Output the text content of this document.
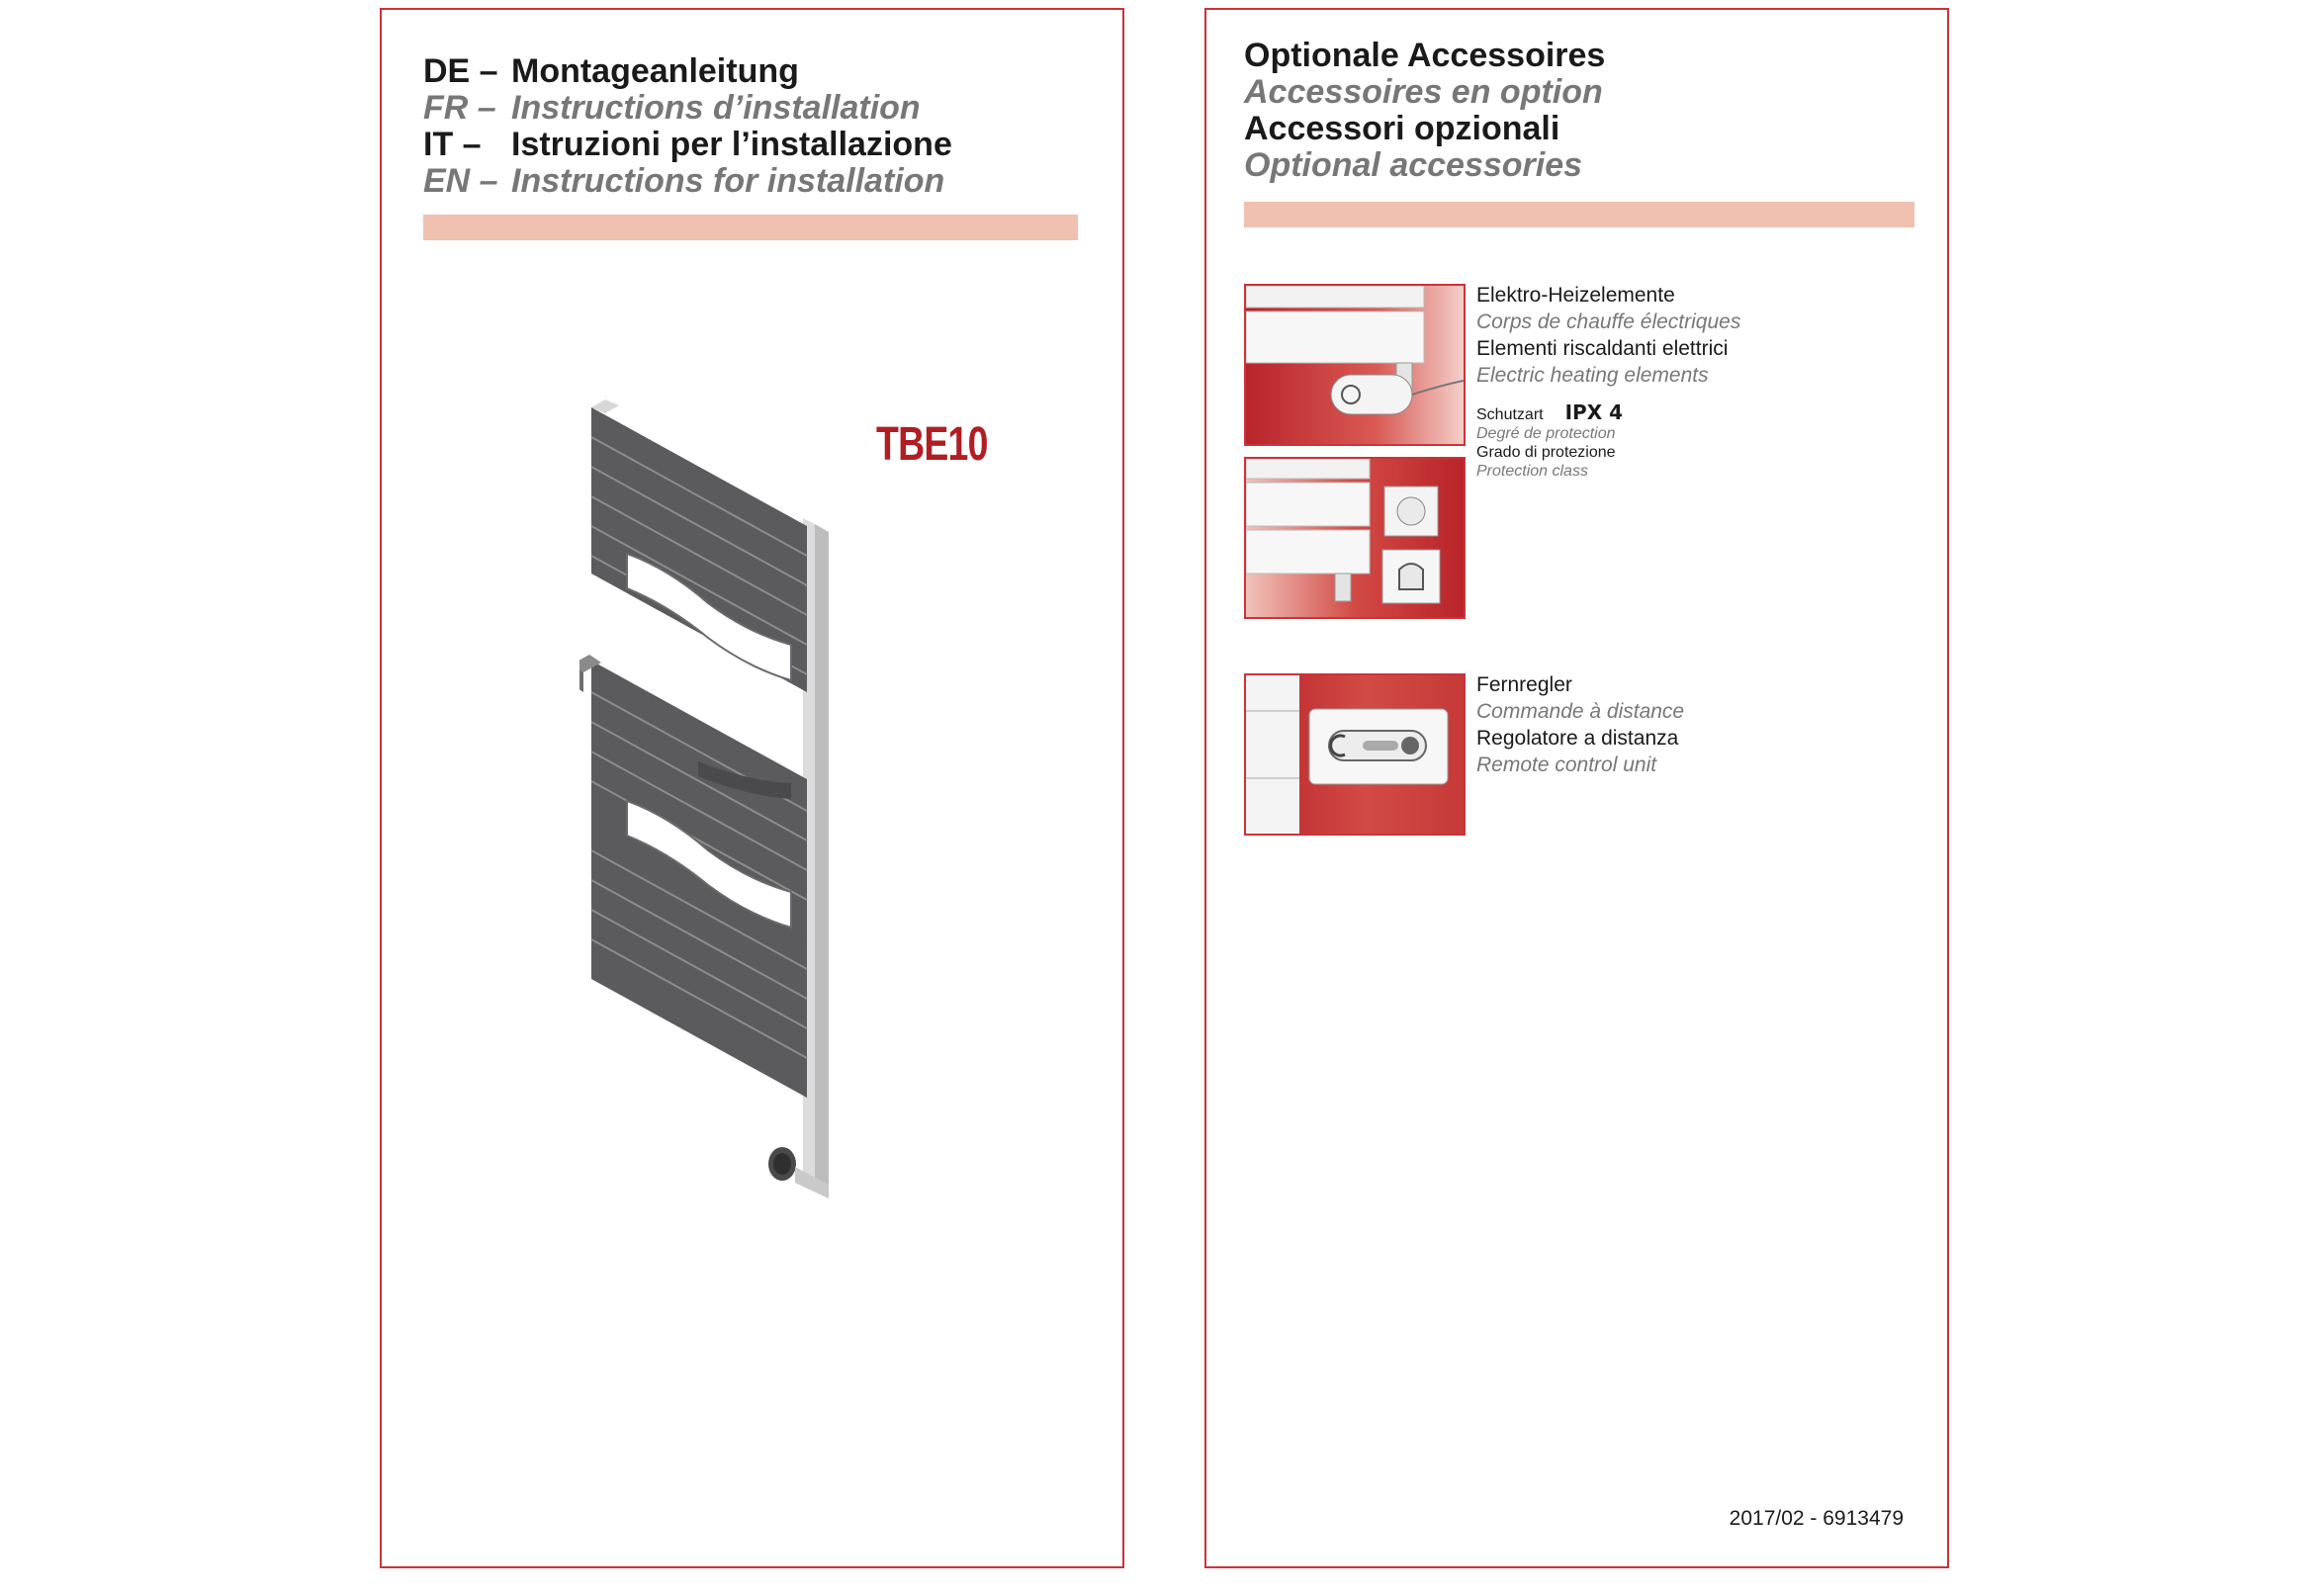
DE – Montageanleitung
FR – Instructions d’installation
IT – Istruzioni per l’installazione
EN – Instructions for installation
TBE10
Optionale Accessoires
Accessoires en option
Accessori opzionali
Optional accessories
Elektro-Heizelemente
Corps de chauffe électriques
Elementi riscaldanti elettrici
Electric heating elements
Schutzart IPX 4
Degré de protection
Grado di protezione
Protection class
Fernregler
Commande à distance
Regolatore a distanza
Remote control unit
2017/02 - 6913479
